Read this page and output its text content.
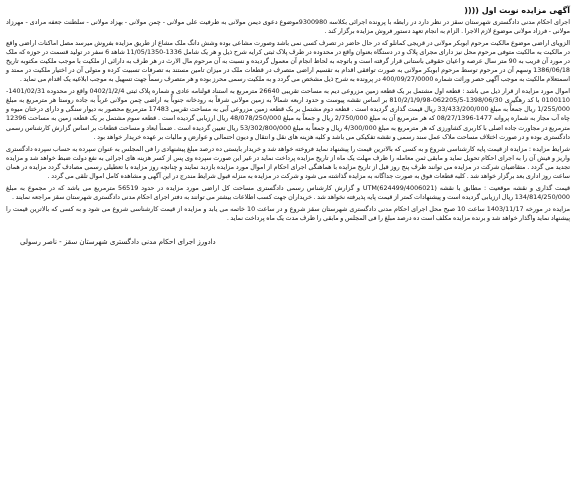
آگهی مزایده نوبت اول ((((

اجرای احکام مدنی دادگستری شهرستان سقز در نظر دارد در رابطه با پرونده اجرائی بکلاسه 9300980موضوع دعوی دیمن مولانی به طرفیت علی مولانی - چمن مولانی - بهزاد مولانی - سلطنت جعفه مرادی - مهرزاد مولانی - فرزاد مولانی موضوع لازم الاجرا . الزام به انجام تعهد دستور فروش مزایده برگزار کند .

الزویای اراضی موضوع مالکیت مرحوم ابوبکر مولانی در قریجی کمانلو که در حال حاضر در تصرف کسی نمی باشد وصورت مشاعی بوده وشش دانگ ملک مشاع از طریق مزایده بفروش میرسد مصل اماکنات اراضی واقع در مالکیت به مالکیت متوفی مرحوم محل نیز دارای مجرای پلاک و در دستگاه بعنوان واقع در محدوده در طرف پلاک ثبتی کرایه شرح ذیل و هر یک شامل 1336-11/05/1350 شاهد 6 سفر در تولید قسمت در حوزه که ملک در مورد آن قریب به 90 متر سال عرصه و اعیان حقوقی باستانی قرار گرفته است و باتوجه به لحاظ انجام آن معمول گردیده و نسبت به آن مرحوم مال الارث در هر طرف به دارائی از ملکیت با موجب ملکیت مکتوبه تاریخ 1386/06/18 وسهم آن در مرحوم توسط مرحوم ابوبکر مولانی به صورت توافقی اقدام به تقسیم اراضی متصرف در قطعات ملک در میزان تامین مستند به تصرفات تسبیت کرده و متولی آن در اختیار ملکیت در ممتد و اسمتعلام مالکیت به موجب آگهی حصر وراثت شماره 400/09/27/0000 در پرونده به شرح ذیل مشخص می گردد و به ملکیت رسمی محرز بوده و هر متصرف رسماً جهت تسهیل به موجب ابلاغیه یک اقدام می نماید .

اموال مورد مزایده از قرار ذیل می باشد : قطعه اول مشتمل بر یک قطعه زمین مزروعی دیم به مساحت تقریبی 26640 مترمربع به استناد قولنامه عادی و شماره پلاک ثبتی 0402/1/2/4 واقع در محدوده 1401/02/31-0100110 با کد رهگیری 1398/06/30-062205/5-810/2/1/9/98 بر اساس نقشه پیوست و حدود اربعه شمالاً به زمین مولانی شرقاً به رودخانه جنوباً به اراضی چمن مولانی غرباً به جاده روستا هر مترمربع به مبلغ 1/255/000 ریال جمعاً به مبلغ 33/433/200/000 ریال قیمت گذاری گردیده است . قطعه دوم مشتمل بر یک قطعه زمین مزروعی آبی به مساحت تقریبی 17483 مترمربع محصور به دیوار سنگی و دارای درختان میوه و چاه آب مجاز به شماره پروانه 1477-08/27/1396 که هر مترمربع آن به مبلغ 2/750/000 ریال و جمعاً به مبلغ 48/078/250/000 ریال ارزیابی گردیده است . قطعه سوم مشتمل بر یک قطعه زمین به مساحت 12396 مترمربع در مجاورت جاده اصلی با کاربری کشاورزی که هر مترمربع به مبلغ 4/300/000 ریال و جمعاً به مبلغ 53/302/800/000 ریال تعیین گردیده است . ضمناً ابعاد و مساحت قطعات بر اساس گزارش کارشناس رسمی دادگستری بوده و در صورت اختلاف مساحت ملاک عمل سند رسمی و نقشه تفکیکی می باشد و کلیه هزینه های نقل و انتقال و دیون احتمالی و عوارض و مالیات بر عهده خریدار خواهد بود .

شرایط مزایده : مزایده از قیمت پایه کارشناسی شروع و به کسی که بالاترین قیمت را پیشنهاد نماید فروخته خواهد شد و خریدار بایستی ده درصد مبلغ پیشنهادی را فی المجلس به عنوان سپرده به حساب سپرده دادگستری واریز و فیش آن را به اجرای احکام تحویل نماید و مابقی ثمن معامله را ظرف مهلت یک ماه از تاریخ مزایده پرداخت نماید در غیر این صورت سپرده وی پس از کسر هزینه های اجرائی به نفع دولت ضبط خواهد شد و مزایده تجدید می گردد . متقاضیان شرکت در مزایده می توانند ظرف پنج روز قبل از تاریخ مزایده با هماهنگی اجرای احکام از اموال مورد مزایده بازدید نمایند و چنانچه روز مزایده با تعطیلی رسمی مصادف گردد مزایده در همان ساعت روز اداری بعد برگزار خواهد شد . کلیه قطعات فوق به صورت جداگانه به مزایده گذاشته می شود و شرکت در مزایده به منزله قبول شرایط مندرج در این آگهی و مشاهده کامل اموال تلقی می گردد .

قیمت گذاری و نقشه موقعیت : مطابق با نقشه UTM(624499/4006021) و گزارش کارشناس رسمی دادگستری مساحت کل اراضی مورد مزایده در حدود 56519 مترمربع می باشد که در مجموع به مبلغ 134/814/250/000 ریال ارزیابی گردیده است و پیشنهادات کمتر از قیمت پایه پذیرفته نخواهد شد . خریداران جهت کسب اطلاعات بیشتر می توانند به دفتر اجرای احکام مدنی دادگستری شهرستان سقز مراجعه نمایند .

مزایده در مورخه 1403/11/17 ساعت 10 صبح محل اجرای احکام مدنی دادگستری شهرستان سقز شروع و در ساعت 10 خاتمه می یابد و مزایده از قیمت کارشناسی شروع می شود و به کسی که بالاترین قیمت را پیشنهاد نماید واگذار خواهد شد و برنده مزایده مکلف است ده درصد مبلغ را فی المجلس و مابقی را ظرف مدت یک ماه پرداخت نماید .

دادورز اجرای احکام مدنی دادگستری شهرستان سقز - ناصر رسولی
